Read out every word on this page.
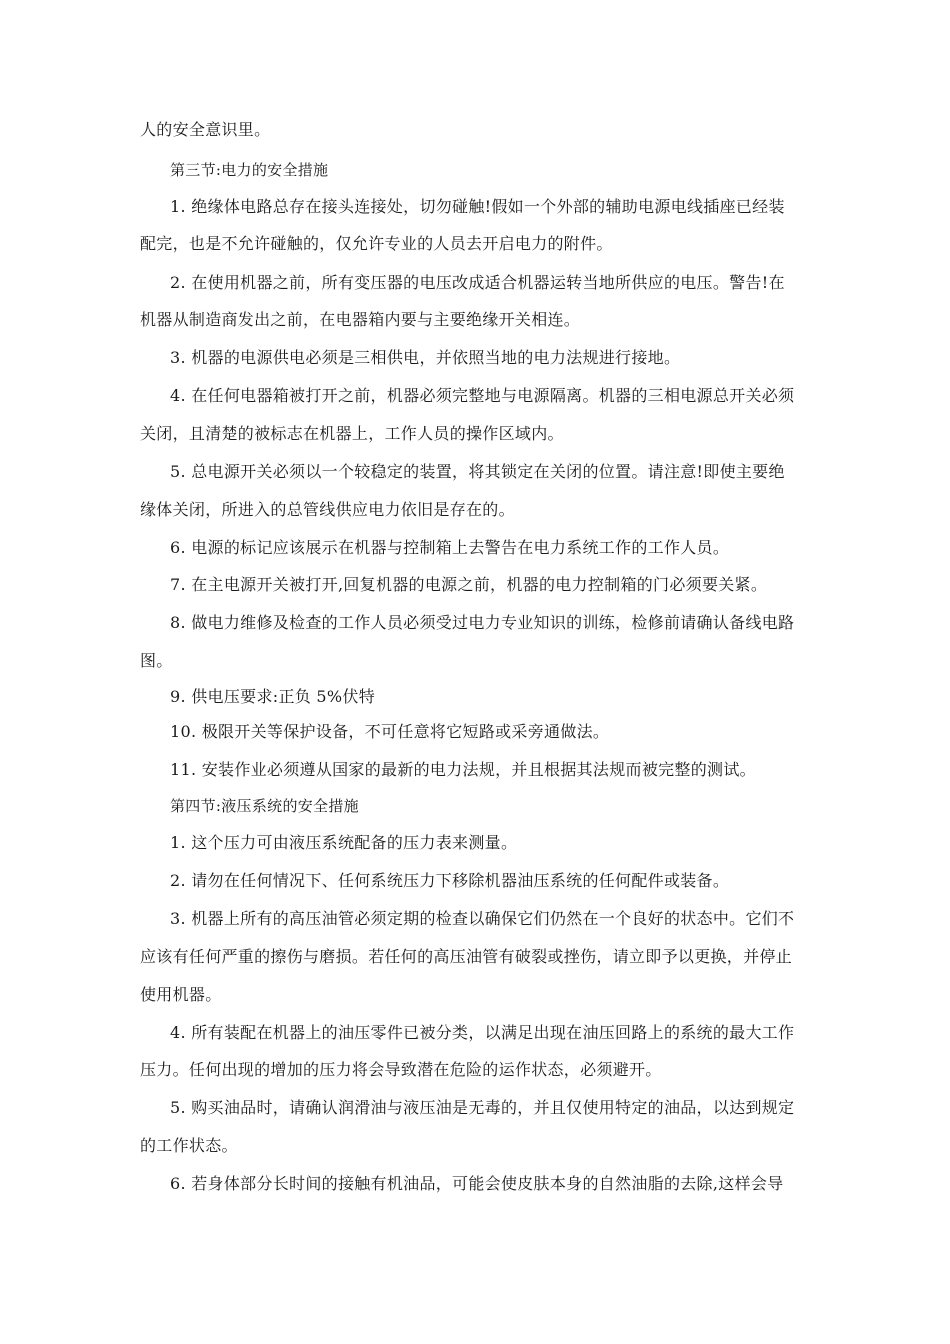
人的安全意识里。
第三节:电力的安全措施
1. 绝缘体电路总存在接头连接处，切勿碰触!假如一个外部的辅助电源电线插座已经装
配完，也是不允许碰触的，仅允许专业的人员去开启电力的附件。
2. 在使用机器之前，所有变压器的电压改成适合机器运转当地所供应的电压。警告!在
机器从制造商发出之前，在电器箱内要与主要绝缘开关相连。
3. 机器的电源供电必须是三相供电，并依照当地的电力法规进行接地。
4. 在任何电器箱被打开之前，机器必须完整地与电源隔离。机器的三相电源总开关必须
关闭，且清楚的被标志在机器上，工作人员的操作区域内。
5. 总电源开关必须以一个较稳定的装置，将其锁定在关闭的位置。请注意!即使主要绝
缘体关闭，所进入的总管线供应电力依旧是存在的。
6. 电源的标记应该展示在机器与控制箱上去警告在电力系统工作的工作人员。
7. 在主电源开关被打开,回复机器的电源之前，机器的电力控制箱的门必须要关紧。
8. 做电力维修及检查的工作人员必须受过电力专业知识的训练，检修前请确认备线电路
图。
9. 供电压要求:正负 5%伏特
10. 极限开关等保护设备，不可任意将它短路或采旁通做法。
11. 安装作业必须遵从国家的最新的电力法规，并且根据其法规而被完整的测试。
第四节:液压系统的安全措施
1. 这个压力可由液压系统配备的压力表来测量。
2. 请勿在任何情况下、任何系统压力下移除机器油压系统的任何配件或装备。
3. 机器上所有的高压油管必须定期的检查以确保它们仍然在一个良好的状态中。它们不
应该有任何严重的擦伤与磨损。若任何的高压油管有破裂或挫伤，请立即予以更换，并停止
使用机器。
4. 所有装配在机器上的油压零件已被分类，以满足出现在油压回路上的系统的最大工作
压力。任何出现的增加的压力将会导致潜在危险的运作状态，必须避开。
5. 购买油品时，请确认润滑油与液压油是无毒的，并且仅使用特定的油品，以达到规定
的工作状态。
6. 若身体部分长时间的接触有机油品，可能会使皮肤本身的自然油脂的去除,这样会导
